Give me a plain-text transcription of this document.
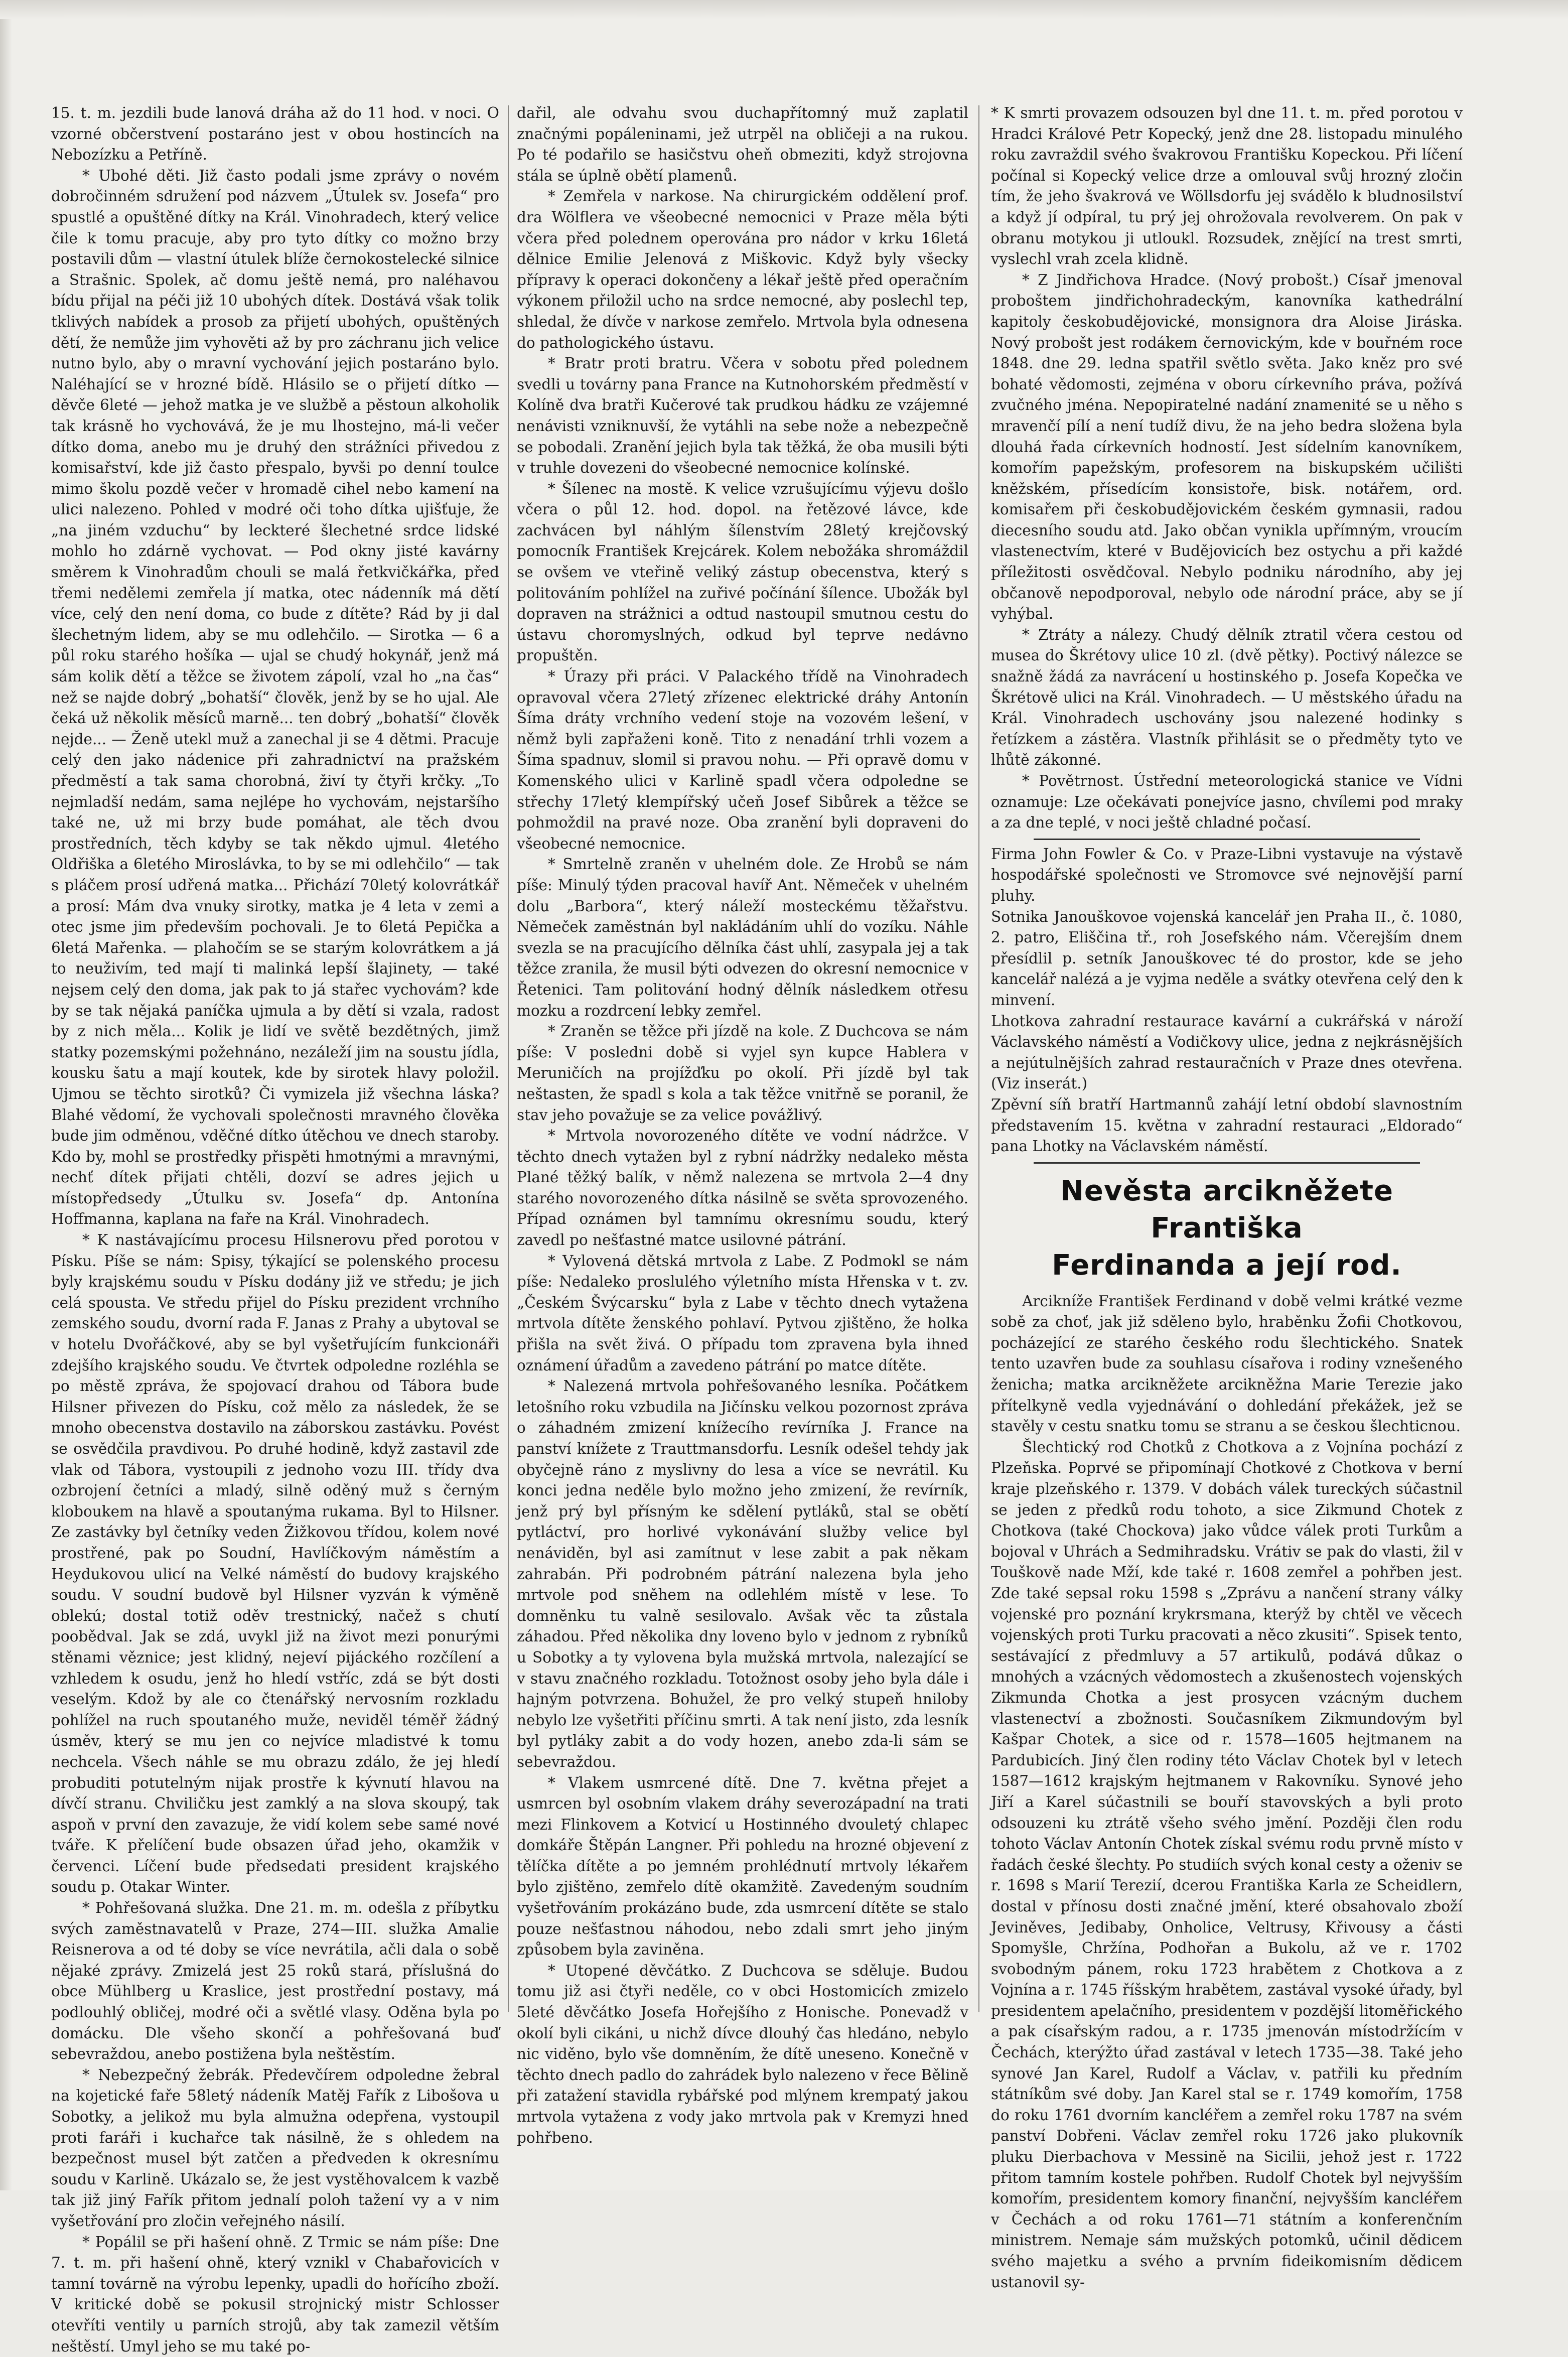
15. t. m. jezdili bude lanová dráha až do 11 hod. v noci. O vzorné občerstvení postaráno jest v obou hostincích na Nebozízku a Petříně.

* Ubohé děti. Již často podali jsme zprávy o novém dobročinném sdružení pod názvem „Útulek sv. Josefa“ pro spustlé a opuštěné dítky na Král. Vinohradech, který velice čile k tomu pracuje, aby pro tyto dítky co možno brzy postavili dům — vlastní útulek blíže černokostelecké silnice a Strašnic. Spolek, ač domu ještě nemá, pro naléhavou bídu přijal na péči již 10 ubohých dítek. Dostává však tolik tklivých nabídek a prosob za přijetí ubohých, opuštěných dětí, že nemůže jim vyhověti až by pro záchranu jich velice nutno bylo, aby o mravní vychování jejich postaráno bylo. Naléhající se v hrozné bídě. Hlásilo se o přijetí dítko — děvče 6leté — jehož matka je ve službě a pěstoun alkoholik tak krásně ho vychovává, že je mu lhostejno, má-li večer dítko doma, anebo mu je druhý den strážníci přivedou z komisařství, kde již často přespalo, byvši po denní toulce mimo školu pozdě večer v hromadě cihel nebo kamení na ulici nalezeno. Pohled v modré oči toho dítka ujišťuje, že „na jiném vzduchu“ by leckteré šlechetné srdce lidské mohlo ho zdárně vychovat. — Pod okny jisté kavárny směrem k Vinohradům chouli se malá řetkvičkářka, před třemi nedělemi zemřela jí matka, otec nádenník má dětí více, celý den není doma, co bude z dítěte? Rád by ji dal šlechetným lidem, aby se mu odlehčilo. — Sirotka — 6 a půl roku starého hošíka — ujal se chudý hokynář, jenž má sám kolik dětí a těžce se životem zápolí, vzal ho „na čas“ než se najde dobrý „bohatší“ člověk, jenž by se ho ujal. Ale čeká už několik měsíců marně... ten dobrý „bohatší“ člověk nejde... — Ženě utekl muž a zanechal ji se 4 dětmi. Pracuje celý den jako nádenice při zahradnictví na pražském předměstí a tak sama chorobná, živí ty čtyři krčky. „To nejmladší nedám, sama nejlépe ho vychovám, nejstaršího také ne, už mi brzy bude pomáhat, ale těch dvou prostředních, těch kdyby se tak někdo ujmul. 4letého Oldřiška a 6letého Miroslávka, to by se mi odlehčilo“ — tak s pláčem prosí udřená matka... Přichází 70letý kolovrátkář a prosí: Mám dva vnuky sirotky, matka je 4 leta v zemi a otec jsme jim především pochovali. Je to 6letá Pepička a 6letá Mařenka. — plahočím se se starým kolovrátkem a já to neuživím, ted mají ti malinká lepší šlajinety, — také nejsem celý den doma, jak pak to já stařec vychovám? kde by se tak nějaká paníčka ujmula a by dětí si vzala, radost by z nich měla... Kolik je lidí ve světě bezdětných, jimž statky pozemskými požehnáno, nezáleží jim na soustu jídla, kousku šatu a mají koutek, kde by sirotek hlavy položil. Ujmou se těchto sirotků? Či vymizela již všechna láska? Blahé vědomí, že vychovali společnosti mravného člověka bude jim odměnou, vděčné dítko útěchou ve dnech staroby. Kdo by, mohl se prostředky přispěti hmotnými a mravnými, nechť dítek přijati chtěli, dozví se adres jejich u místopředsedy „Útulku sv. Josefa“ dp. Antonína Hoffmanna, kaplana na faře na Král. Vinohradech.

* K nastávajícímu procesu Hilsnerovu před porotou v Písku. Píše se nám: Spisy, týkající se polenského procesu byly krajskému soudu v Písku dodány již ve středu; je jich celá spousta. Ve středu přijel do Písku prezident vrchního zemského soudu, dvorní rada F. Janas z Prahy a ubytoval se v hotelu Dvořáčkové, aby se byl vyšetřujícím funkcionáři zdejšího krajského soudu. Ve čtvrtek odpoledne rozléhla se po městě zpráva, že spojovací drahou od Tábora bude Hilsner přivezen do Písku, což mělo za následek, že se mnoho obecenstva dostavilo na záborskou zastávku. Povést se osvědčila pravdivou. Po druhé hodině, když zastavil zde vlak od Tábora, vystoupili z jednoho vozu III. třídy dva ozbrojení četníci a mladý, silně oděný muž s černým kloboukem na hlavě a spoutanýma rukama. Byl to Hilsner. Ze zastávky byl četníky veden Žižkovou třídou, kolem nové prostřené, pak po Soudní, Havlíčkovým náměstím a Heydukovou ulicí na Velké náměstí do budovy krajského soudu. V soudní budově byl Hilsner vyzván k výměně oblekú; dostal totiž oděv trestnický, načež s chutí poobědval. Jak se zdá, uvykl již na život mezi ponurými stěnami věznice; jest klidný, nejeví pijáckého rozčílení a vzhledem k osudu, jenž ho hledí vstříc, zdá se být dosti veselým. Kdož by ale co čtenářský nervosním rozkladu pohlížel na ruch spoutaného muže, neviděl téměř žádný úsměv, který se mu jen co nejvíce mladistvé k tomu nechcela. Všech náhle se mu obrazu zdálo, že jej hledí probuditi potutelným nijak prostře k kývnutí hlavou na dívčí stranu. Chviličku jest zamklý a na slova skoupý, tak aspoň v první den zavazuje, že vidí kolem sebe samé nové tváře. K přelíčení bude obsazen úřad jeho, okamžik v červenci. Líčení bude předsedati president krajského soudu p. Otakar Winter.

* Pohřešovaná služka. Dne 21. m. m. odešla z příbytku svých zaměstnavatelů v Praze, 274—III. služka Amalie Reisnerova a od té doby se více nevrátila, ačli dala o sobě nějaké zprávy. Zmizelá jest 25 roků stará, příslušná do obce Mühlberg u Kraslice, jest prostřední postavy, má podlouhlý obličej, modré oči a světlé vlasy. Oděna byla po domácku. Dle všeho skončí a pohřešovaná buď sebevraždou, anebo postižena byla neštěstím.

* Nebezpečný žebrák. Předevčírem odpoledne žebral na kojetické faře 58letý nádeník Matěj Fařík z Libošova u Sobotky, a jelikož mu byla almužna odepřena, vystoupil proti faráři i kuchařce tak násilně, že s ohledem na bezpečnost musel být zatčen a předveden k okresnímu soudu v Karlině. Ukázalo se, že jest vystěhovalcem k vazbě tak již jiný Fařík přitom jednalí poloh tažení vy a v nim vyšetřování pro zločin veřejného násilí.

* Popálil se při hašení ohně. Z Trmic se nám píše: Dne 7. t. m. při hašení ohně, který vznikl v Chabařovicích v tamní továrně na výrobu lepenky, upadli do hořícího zboží. V kritické době se pokusil strojnický mistr Schlosser otevříti ventily u parních strojů, aby tak zamezil větším neštěstí. Umyl jeho se mu také po-

dařil, ale odvahu svou duchapřítomný muž zaplatil značnými popáleninami, jež utrpěl na obličeji a na rukou. Po té podařilo se hasičstvu oheň obmeziti, když strojovna stála se úplně obětí plamenů.

* Zemřela v narkose. Na chirurgickém oddělení prof. dra Wölflera ve všeobecné nemocnici v Praze měla býti včera před polednem operována pro nádor v krku 16letá dělnice Emilie Jelenová z Miškovic. Když byly všecky přípravy k operaci dokončeny a lékař ještě před operačním výkonem přiložil ucho na srdce nemocné, aby poslechl tep, shledal, že dívče v narkose zemřelo. Mrtvola byla odnesena do pathologického ústavu.

* Bratr proti bratru. Včera v sobotu před polednem svedli u továrny pana France na Kutnohorském předměstí v Kolíně dva bratři Kučerové tak prudkou hádku ze vzájemné nenávisti vzniknuvší, že vytáhli na sebe nože a nebezpečně se pobodali. Zranění jejich byla tak těžká, že oba musili býti v truhle dovezeni do všeobecné nemocnice kolínské.

* Šílenec na mostě. K velice vzrušujícímu výjevu došlo včera o půl 12. hod. dopol. na řetězové lávce, kde zachvácen byl náhlým šílenstvím 28letý krejčovský pomocník František Krejcárek. Kolem nebožáka shromáždil se ovšem ve vteřině veliký zástup obecenstva, který s politováním pohlížel na zuřivé počínání šílence. Ubožák byl dopraven na strážnici a odtud nastoupil smutnou cestu do ústavu choromyslných, odkud byl teprve nedávno propuštěn.

* Úrazy při práci. V Palackého třídě na Vinohradech opravoval včera 27letý zřízenec elektrické dráhy Antonín Šíma dráty vrchního vedení stoje na vozovém lešení, v němž byli zapřaženi koně. Tito z nenadání trhli vozem a Šíma spadnuv, slomil si pravou nohu. — Při opravě domu v Komenského ulici v Karlině spadl včera odpoledne se střechy 17letý klempířský učeň Josef Sibůrek a těžce se pohmoždil na pravé noze. Oba zranění byli dopraveni do všeobecné nemocnice.

* Smrtelně zraněn v uhelném dole. Ze Hrobů se nám píše: Minulý týden pracoval havíř Ant. Němeček v uhelném dolu „Barbora“, který náleží mosteckému těžařstvu. Němeček zaměstnán byl nakládáním uhlí do vozíku. Náhle svezla se na pracujícího dělníka část uhlí, zasypala jej a tak těžce zranila, že musil býti odvezen do okresní nemocnice v Řetenici. Tam politování hodný dělník následkem otřesu mozku a rozdrcení lebky zemřel.

* Zraněn se těžce při jízdě na kole. Z Duchcova se nám píše: V posledni době si vyjel syn kupce Hablera v Meruničích na projížďku po okolí. Při jízdě byl tak neštasten, že spadl s kola a tak těžce vnitřně se poranil, že stav jeho považuje se za velice povážlivý.

* Mrtvola novorozeného dítěte ve vodní nádržce. V těchto dnech vytažen byl z rybní nádržky nedaleko města Plané těžký balík, v němž nalezena se mrtvola 2—4 dny starého novorozeného dítka násilně se světa sprovozeného. Případ oznámen byl tamnímu okresnímu soudu, který zavedl po nešťastné matce usilovné pátrání.

* Vylovená dětská mrtvola z Labe. Z Podmokl se nám píše: Nedaleko proslulého výletního místa Hřenska v t. zv. „Českém Švýcarsku“ byla z Labe v těchto dnech vytažena mrtvola dítěte ženského pohlaví. Pytvou zjištěno, že holka přišla na svět živá. O případu tom zpravena byla ihned oznámení úřadům a zavedeno pátrání po matce dítěte.

* Nalezená mrtvola pohřešovaného lesníka. Počátkem letošního roku vzbudila na Jičínsku velkou pozornost zpráva o záhadném zmizení knížecího revírníka J. France na panství knížete z Trauttmansdorfu. Lesník odešel tehdy jak obyčejně ráno z myslivny do lesa a více se nevrátil. Ku konci jedna neděle bylo možno jeho zmizení, že revírník, jenž prý byl přísným ke sdělení pytláků, stal se obětí pytláctví, pro horlivé vykonávání služby velice byl nenáviděn, byl asi zamítnut v lese zabit a pak někam zahrabán. Při podrobném pátrání nalezena byla jeho mrtvole pod sněhem na odlehlém místě v lese. To domněnku tu valně sesilovalo. Avšak věc ta zůstala záhadou. Před několika dny loveno bylo v jednom z rybníků u Sobotky a ty vylovena byla mužská mrtvola, nalezající se v stavu značného rozkladu. Totožnost osoby jeho byla dále i hajným potvrzena. Bohužel, že pro velký stupeň hniloby nebylo lze vyšetřiti příčinu smrti. A tak není jisto, zda lesník byl pytláky zabit a do vody hozen, anebo zda-li sám se sebevraždou.

* Vlakem usmrcené dítě. Dne 7. května přejet a usmrcen byl osobním vlakem dráhy severozápadní na trati mezi Flinkovem a Kotvicí u Hostinného dvouletý chlapec domkáře Štěpán Langner. Při pohledu na hrozné objevení z tělíčka dítěte a po jemném prohlédnutí mrtvoly lékařem bylo zjištěno, zemřelo dítě okamžitě. Zavedeným soudním vyšetřováním prokázáno bude, zda usmrcení dítěte se stalo pouze nešťastnou náhodou, nebo zdali smrt jeho jiným způsobem byla zaviněna.

* Utopené děvčátko. Z Duchcova se sděluje. Budou tomu již asi čtyři neděle, co v obci Hostomicích zmizelo 5leté děvčátko Josefa Hořejšího z Honische. Ponevadž v okolí byli cikáni, u nichž dívce dlouhý čas hledáno, nebylo nic viděno, bylo vše domněním, že dítě uneseno. Konečně v těchto dnech padlo do zahrádek bylo nalezeno v řece Bělině při zatažení stavidla rybářské pod mlýnem krempatý jakou mrtvola vytažena z vody jako mrtvola pak v Kremyzi hned pohřbeno.

* K smrti provazem odsouzen byl dne 11. t. m. před porotou v Hradci Králové Petr Kopecký, jenž dne 28. listopadu minulého roku zavraždil svého švakrovou Františku Kopeckou. Při líčení počínal si Kopecký velice drze a omlouval svůj hrozný zločin tím, že jeho švakrová ve Wöllsdorfu jej svádělo k bludnosilství a když jí odpíral, tu prý jej ohrožovala revolverem. On pak v obranu motykou ji utloukl. Rozsudek, znějící na trest smrti, vyslechl vrah zcela klidně.

* Z Jindřichova Hradce. (Nový probošt.) Císař jmenoval proboštem jindřichohradeckým, kanovníka kathedrální kapitoly českobudějovické, monsignora dra Aloise Jiráska. Nový probošt jest rodákem černovickým, kde v bouřném roce 1848. dne 29. ledna spatřil světlo světa. Jako kněz pro své bohaté vědomosti, zejména v oboru církevního práva, požívá zvučného jména. Nepopiratelné nadání znamenité se u něho s mravenčí pílí a není tudíž divu, že na jeho bedra složena byla dlouhá řada církevních hodností. Jest sídelním kanovníkem, komořím papežským, profesorem na biskupském učilišti kněžském, přísedícím konsistoře, bisk. notářem, ord. komisařem při českobudějovickém českém gymnasii, radou diecesního soudu atd. Jako občan vynikla upřímným, vroucím vlastenectvím, které v Budějovicích bez ostychu a při každé příležitosti osvědčoval. Nebylo podniku národního, aby jej občanově nepodporoval, nebylo ode národní práce, aby se jí vyhýbal.

* Ztráty a nálezy. Chudý dělník ztratil včera cestou od musea do Škrétovy ulice 10 zl. (dvě pětky). Poctivý nálezce se snažně žádá za navrácení u hostinského p. Josefa Kopečka ve Škrétově ulici na Král. Vinohradech. — U městského úřadu na Král. Vinohradech uschovány jsou nalezené hodinky s řetízkem a zástěra. Vlastník přihlásit se o předměty tyto ve lhůtě zákonné.

* Povětrnost. Ústřední meteorologická stanice ve Vídni oznamuje: Lze očekávati ponejvíce jasno, chvílemi pod mraky a za dne teplé, v noci ještě chladné počasí.

Firma John Fowler & Co. v Praze-Libni vystavuje na výstavě hospodářské společnosti ve Stromovce své nejnovější parní pluhy.

Sotnika Janouškovoe vojenská kancelář jen Praha II., č. 1080, 2. patro, Eliščina tř., roh Josefského nám. Včerejším dnem přesídlil p. setník Janouškovec té do prostor, kde se jeho kancelář nalézá a je vyjma neděle a svátky otevřena celý den k minvení.

Lhotkova zahradní restaurace kavární a cukrářská v nároží Václavského náměstí a Vodičkovy ulice, jedna z nejkrásnějších a nejútulnějších zahrad restauračních v Praze dnes otevřena. (Viz inserát.)

Zpěvní síň bratří Hartmannů zahájí letní období slavnostním představením 15. května v zahradní restauraci „Eldorado“ pana Lhotky na Václavském náměstí.

Nevěsta arcikněžete Františka
Ferdinanda a její rod.

Arcikníže František Ferdinand v době velmi krátké vezme sobě za choť, jak již sděleno bylo, hraběnku Žofii Chotkovou, pocházející ze starého českého rodu šlechtického. Snatek tento uzavřen bude za souhlasu císařova i rodiny vznešeného ženicha; matka arcikněžete arcikněžna Marie Terezie jako přítelkyně vedla vyjednávání o dohledání překážek, jež se stavěly v cestu snatku tomu se stranu a se českou šlechticnou.

Šlechtický rod Chotků z Chotkova a z Vojnína pochází z Plzeňska. Poprvé se připomínají Chotkové z Chotkova v berní kraje plzeňského r. 1379. V dobách válek tureckých súčastnil se jeden z předků rodu tohoto, a sice Zikmund Chotek z Chotkova (také Chockova) jako vůdce válek proti Turkům a bojoval v Uhrách a Sedmihradsku. Vrátiv se pak do vlasti, žil v Touškově nade Mží, kde také r. 1608 zemřel a pohřben jest. Zde také sepsal roku 1598 s „Zprávu a nančení strany války vojenské pro poznání krykrsmana, kterýž by chtěl ve věcech vojenských proti Turku pracovati a něco zkusiti“. Spisek tento, sestávající z předmluvy a 57 artikulů, podává důkaz o mnohých a vzácných vědomostech a zkušenostech vojenských Zikmunda Chotka a jest prosycen vzácným duchem vlastenectví a zbožnosti. Současníkem Zikmundovým byl Kašpar Chotek, a sice od r. 1578—1605 hejtmanem na Pardubicích. Jiný člen rodiny této Václav Chotek byl v letech 1587—1612 krajským hejtmanem v Rakovníku. Synové jeho Jiří a Karel súčastnili se bouří stavovských a byli proto odsouzeni ku ztrátě všeho svého jmění. Později člen rodu tohoto Václav Antonín Chotek získal svému rodu prvně místo v řadách české šlechty. Po studiích svých konal cesty a oženiv se r. 1698 s Marií Terezií, dcerou Františka Karla ze Scheidlern, dostal v přínosu dosti značné jmění, které obsahovalo zboží Jeviněves, Jedibaby, Onholice, Veltrusy, Křivousy a části Spomyšle, Chržína, Podhořan a Bukolu, až ve r. 1702 svobodným pánem, roku 1723 hrabětem z Chotkova a z Vojnína a r. 1745 říšským hrabětem, zastával vysoké úřady, byl presidentem apelačního, presidentem v pozdější litoměřického a pak císařským radou, a r. 1735 jmenován místodržícím v Čechách, kterýžto úřad zastával v letech 1735—38. Také jeho synové Jan Karel, Rudolf a Václav, v. patřili ku předním státníkům své doby. Jan Karel stal se r. 1749 komořím, 1758 do roku 1761 dvorním kancléřem a zemřel roku 1787 na svém panství Dobřeni. Václav zemřel roku 1726 jako plukovník pluku Dierbachova v Messině na Sicilii, jehož jest r. 1722 přitom tamním kostele pohřben. Rudolf Chotek byl nejvyšším komořím, presidentem komory finanční, nejvyšším kancléřem v Čechách a od roku 1761—71 státním a konferenčním ministrem. Nemaje sám mužských potomků, učinil dědicem svého majetku a svého a prvním fideikomisním dědicem ustanovil sy-
